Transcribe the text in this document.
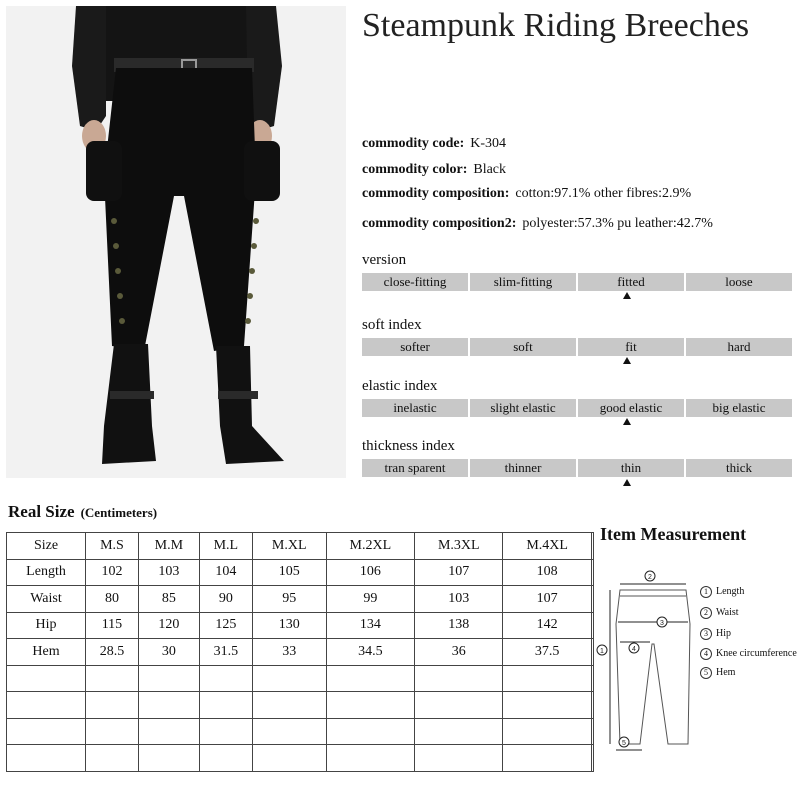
Steampunk Riding Breeches
commodity code: K-304
commodity color: Black
commodity composition: cotton:97.1% other fibres:2.9%
commodity composition2: polyester:57.3% pu leather:42.7%
version
close-fitting	slim-fitting	fitted	loose
soft index
softer	soft	fit	hard
elastic index
inelastic	slight elastic	good elastic	big elastic
thickness index
tran sparent	thinner	thin	thick
Real Size (Centimeters)
Size	M.S	M.M	M.L	M.XL	M.2XL	M.3XL	M.4XL	
Length	102	103	104	105	106	107	108	
Waist	80	85	90	95	99	103	107	
Hip	115	120	125	130	134	138	142	
Hem	28.5	30	31.5	33	34.5	36	37.5	

Item Measurement
2
3
4
1
5
1 Length
2 Waist
3 Hip
4 Knee circumference
5 Hem
